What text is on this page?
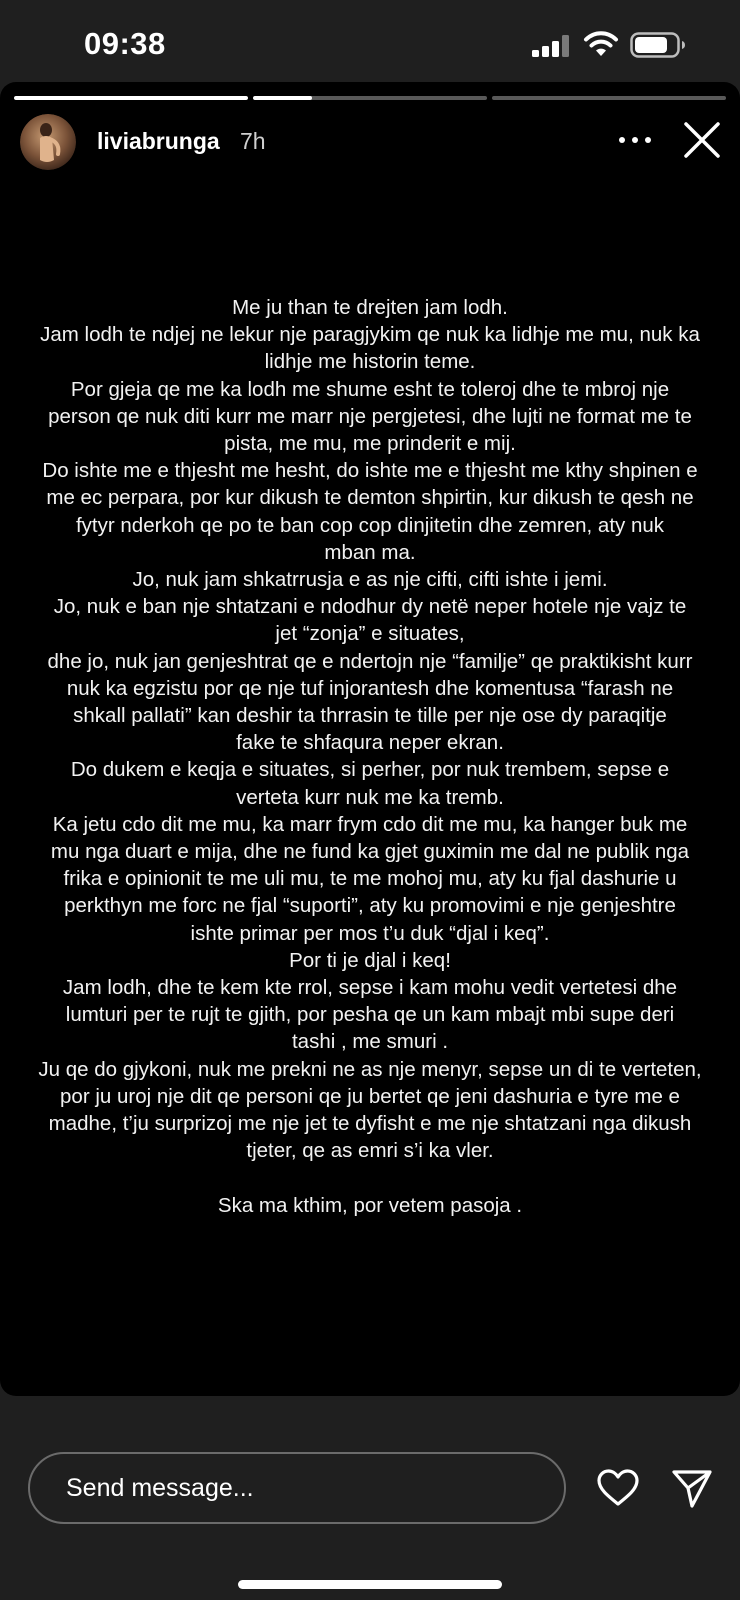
09:38
liviabrunga 7h

Me ju than te drejten jam lodh.

Jam lodh te ndjej ne lekur nje paragjykim qe nuk ka lidhje me mu, nuk ka

lidhje me historin teme.

Por gjeja qe me ka lodh me shume esht te toleroj dhe te mbroj nje

person qe nuk diti kurr me marr nje pergjetesi, dhe lujti ne format me te

pista, me mu, me prinderit e mij.

Do ishte me e thjesht me hesht, do ishte me e thjesht me kthy shpinen e

me ec perpara, por kur dikush te demton shpirtin, kur dikush te qesh ne

fytyr nderkoh qe po te ban cop cop dinjitetin dhe zemren, aty nuk

mban ma.

Jo, nuk jam shkatrrusja e as nje cifti, cifti ishte i jemi.

Jo, nuk e ban nje shtatzani e ndodhur dy netë neper hotele nje vajz te

jet “zonja” e situates,

dhe jo, nuk jan genjeshtrat qe e ndertojn nje “familje” qe praktikisht kurr

nuk ka egzistu por qe nje tuf injorantesh dhe komentusa “farash ne

shkall pallati” kan deshir ta thrrasin te tille per nje ose dy paraqitje

fake te shfaqura neper ekran.

Do dukem e keqja e situates, si perher, por nuk trembem, sepse e

verteta kurr nuk me ka tremb.

Ka jetu cdo dit me mu, ka marr frym cdo dit me mu, ka hanger buk me

mu nga duart e mija, dhe ne fund ka gjet guximin me dal ne publik nga

frika e opinionit te me uli mu, te me mohoj mu, aty ku fjal dashurie u

perkthyn me forc ne fjal “suporti”, aty ku promovimi e nje genjeshtre

ishte primar per mos t’u duk “djal i keq”.

Por ti je djal i keq!

Jam lodh, dhe te kem kte rrol, sepse i kam mohu vedit vertetesi dhe

lumturi per te rujt te gjith, por pesha qe un kam mbajt mbi supe deri

tashi , me smuri .

Ju qe do gjykoni, nuk me prekni ne as nje menyr, sepse un di te verteten,

por ju uroj nje dit qe personi qe ju bertet qe jeni dashuria e tyre me e

madhe, t’ju surprizoj me nje jet te dyfisht e me nje shtatzani nga dikush

tjeter, qe as emri s’i ka vler.

Ska ma kthim, por vetem pasoja .

Send message...
